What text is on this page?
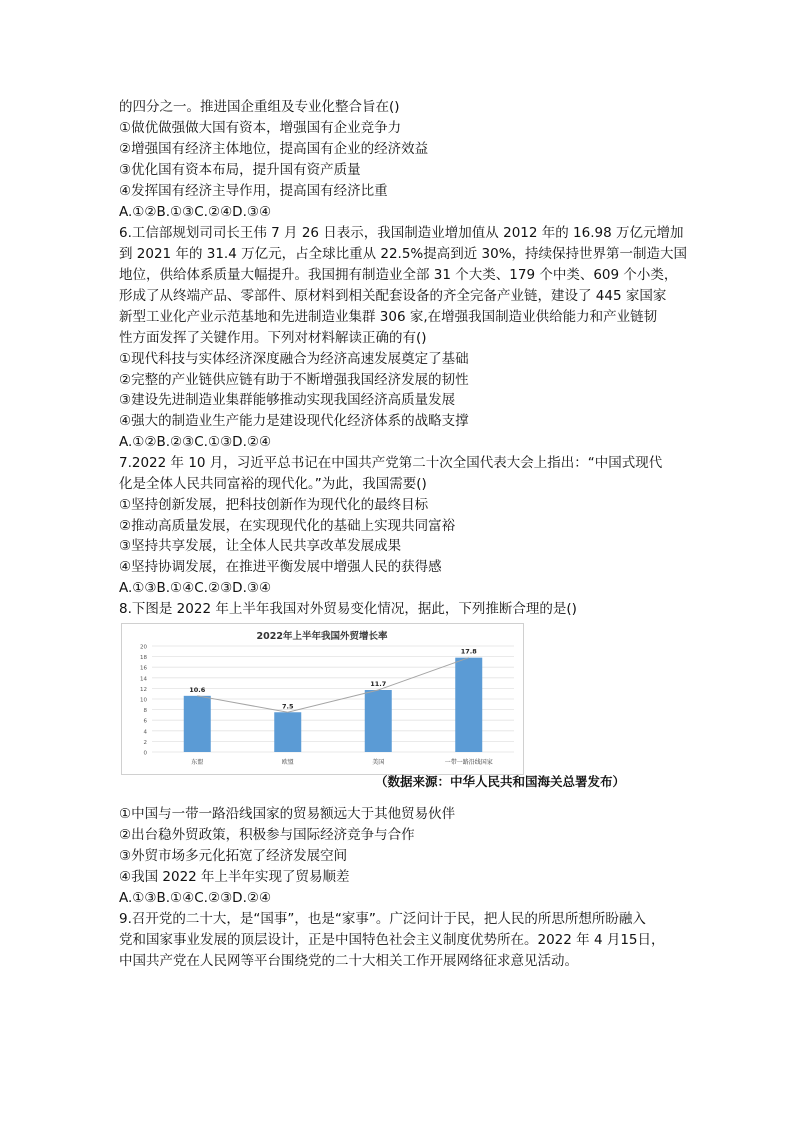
的四分之一。推进国企重组及专业化整合旨在()
①做优做强做大国有资本，增强国有企业竞争力
②增强国有经济主体地位，提高国有企业的经济效益
③优化国有资本布局，提升国有资产质量
④发挥国有经济主导作用，提高国有经济比重
A.①②B.①③C.②④D.③④
6.工信部规划司司长王伟 7 月 26 日表示，我国制造业增加值从 2012 年的 16.98 万亿元增加
到 2021 年的 31.4 万亿元，占全球比重从 22.5%提高到近 30%，持续保持世界第一制造大国
地位，供给体系质量大幅提升。我国拥有制造业全部 31 个大类、179 个中类、609 个小类，
形成了从终端产品、零部件、原材料到相关配套设备的齐全完备产业链，建设了 445 家国家
新型工业化产业示范基地和先进制造业集群 306 家,在增强我国制造业供给能力和产业链韧
性方面发挥了关键作用。下列对材料解读正确的有()
①现代科技与实体经济深度融合为经济高速发展奠定了基础
②完整的产业链供应链有助于不断增强我国经济发展的韧性
③建设先进制造业集群能够推动实现我国经济高质量发展
④强大的制造业生产能力是建设现代化经济体系的战略支撑
A.①②B.②③C.①③D.②④
7.2022 年 10 月，习近平总书记在中国共产党第二十次全国代表大会上指出：“中国式现代
化是全体人民共同富裕的现代化。”为此，我国需要()
①坚持创新发展，把科技创新作为现代化的最终目标
②推动高质量发展，在实现现代化的基础上实现共同富裕
③坚持共享发展，让全体人民共享改革发展成果
④坚持协调发展，在推进平衡发展中增强人民的获得感
A.①③B.①④C.②③D.③④
8.下图是 2022 年上半年我国对外贸易变化情况，据此，下列推断合理的是()
2022年上半年我国外贸增长率
0
2
4
6
8
10
12
14
16
18
20
10.6
东盟
7.5
欧盟
11.7
美国
17.8
一带一路沿线国家
（数据来源：中华人民共和国海关总署发布）
①中国与一带一路沿线国家的贸易额远大于其他贸易伙伴
②出台稳外贸政策，积极参与国际经济竞争与合作
③外贸市场多元化拓宽了经济发展空间
④我国 2022 年上半年实现了贸易顺差
A.①③B.①④C.②③D.②④
9.召开党的二十大，是“国事”，也是“家事”。广泛问计于民，把人民的所思所想所盼融入
党和国家事业发展的顶层设计，正是中国特色社会主义制度优势所在。2022 年 4 月15日，
中国共产党在人民网等平台围绕党的二十大相关工作开展网络征求意见活动。
